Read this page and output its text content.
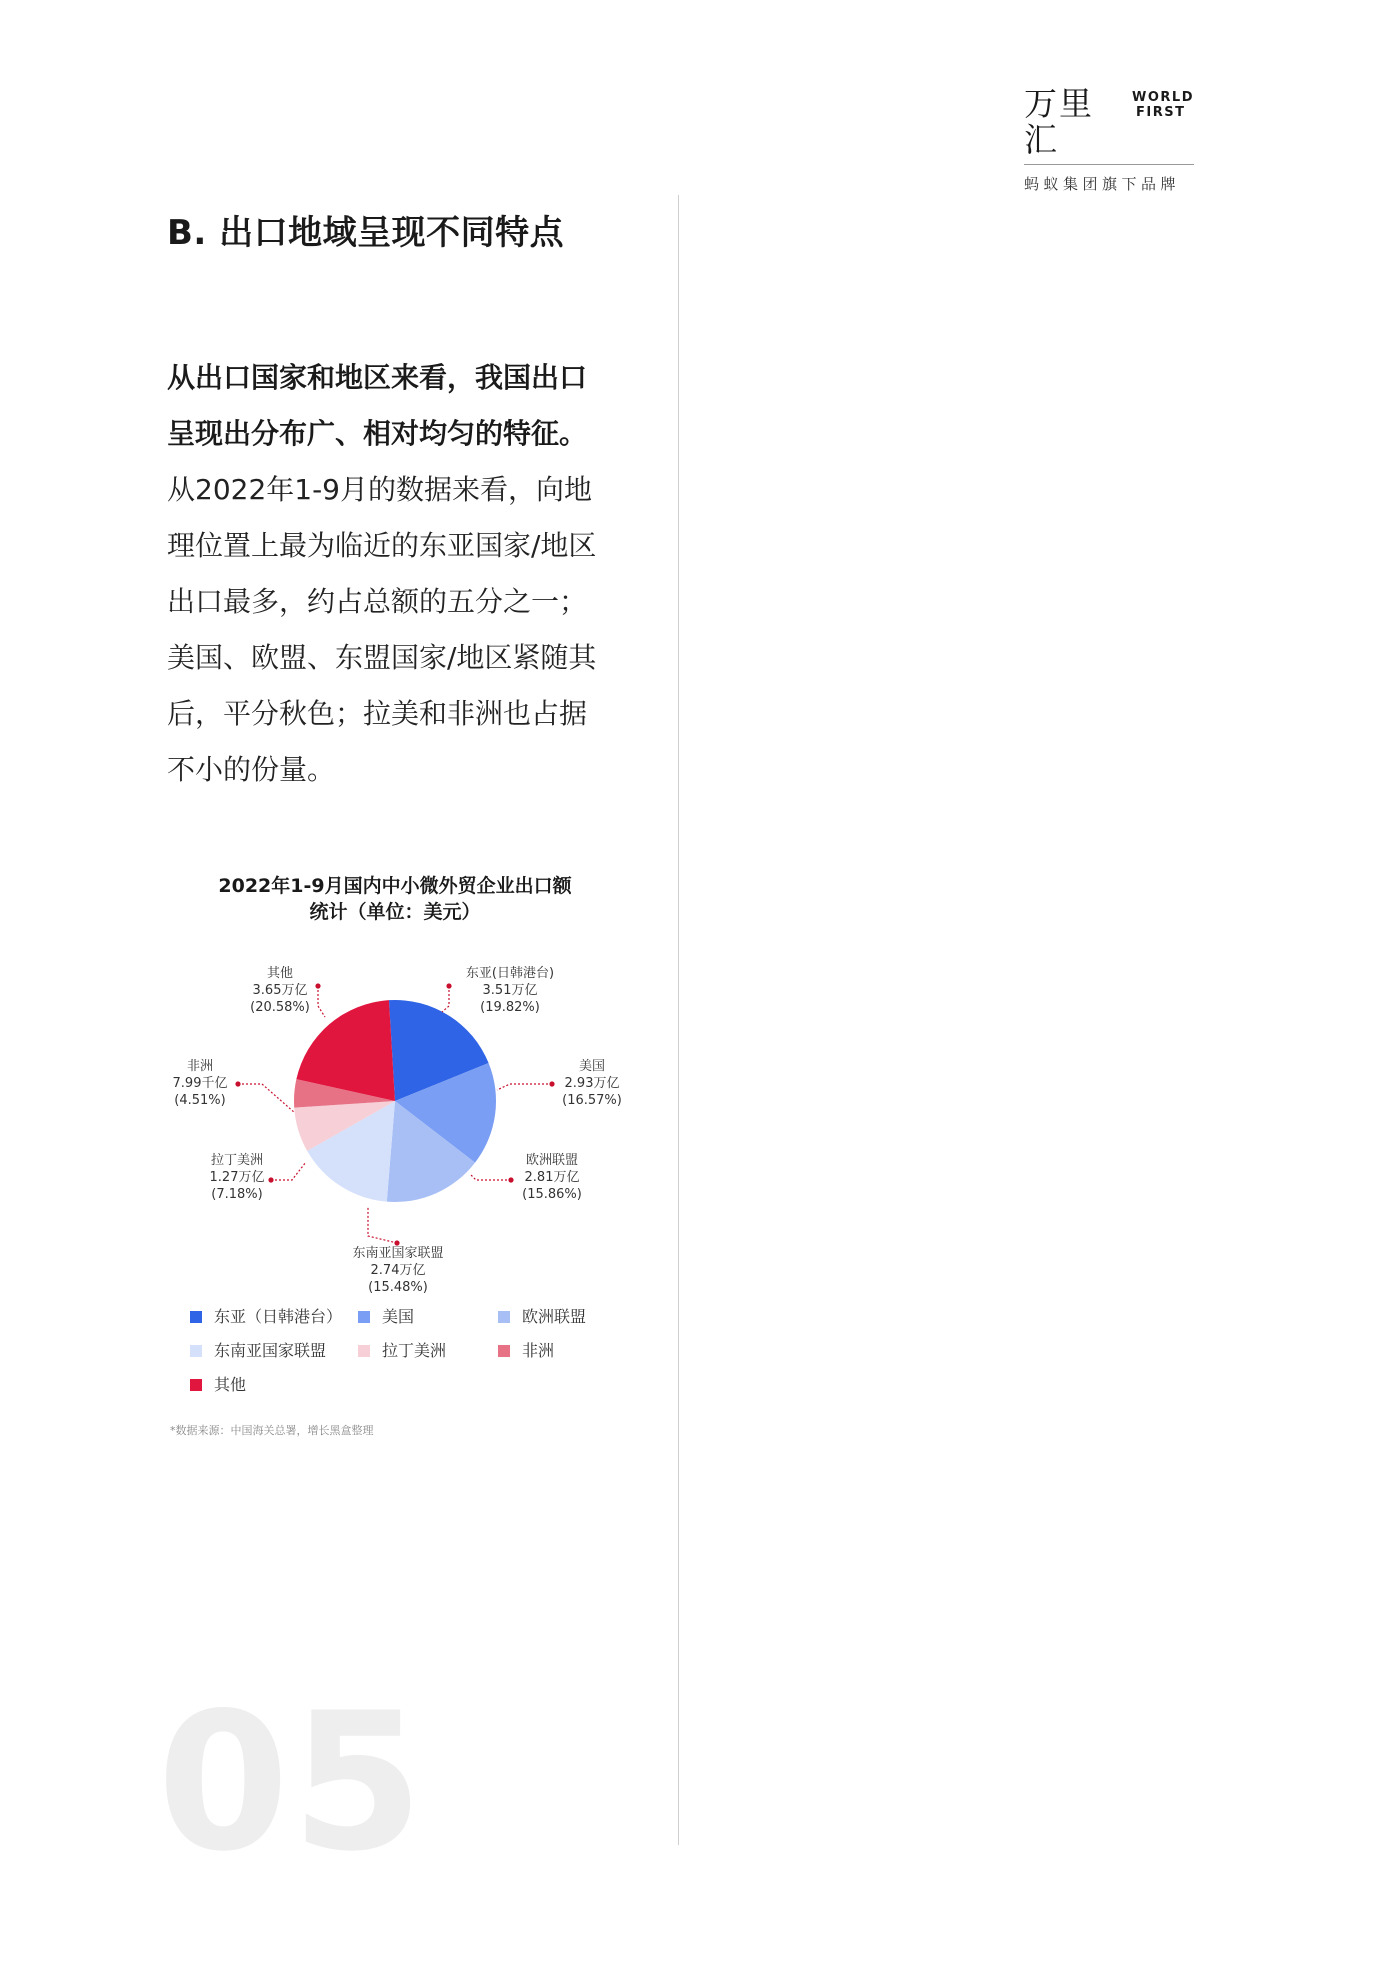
万里汇
WORLD
FIRST
蚂蚁集团旗下品牌
B. 出口地域呈现不同特点

从出口国家和地区来看，我国出口
呈现出分布广、相对均匀的特征。
从2022年1-9月的数据来看，向地
理位置上最为临近的东亚国家/地区
出口最多，约占总额的五分之一；
美国、欧盟、东盟国家/地区紧随其
后，平分秋色；拉美和非洲也占据
不小的份量。

2022年1-9月国内中小微外贸企业出口额
统计（单位：美元）
东亚(日韩港台)
3.51万亿
(19.82%)
美国
2.93万亿
(16.57%)
欧洲联盟
2.81万亿
(15.86%)
东南亚国家联盟
2.74万亿
(15.48%)
拉丁美洲
1.27万亿
(7.18%)
非洲
7.99千亿
(4.51%)
其他
3.65万亿
(20.58%)
东亚（日韩港台） 美国	欧洲联盟
东南亚国家联盟	拉丁美洲	非洲
其他
*数据来源：中国海关总署，增长黑盒整理
05
